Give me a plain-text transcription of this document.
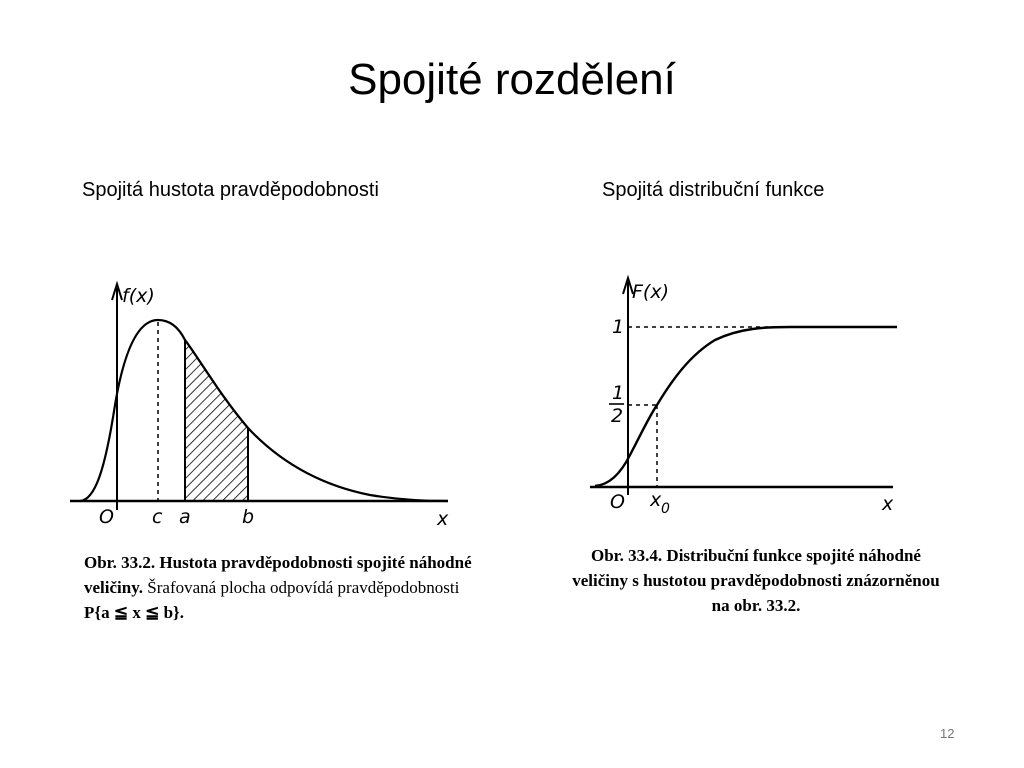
Spojité rozdělení
Spojitá hustota pravděpodobnosti	Spojitá distribuční funkce
f(x)
O c a	b	x
Obr. 33.2. Hustota pravděpodobnosti spojité náhodné veličiny. Šrafovaná plocha odpovídá pravděpodobnosti P{a ≦ x ≦ b}.
F(x)
1
1
2
O x 0	x
Obr. 33.4. Distribuční funkce spojité náhodné veličiny s hustotou pravděpodobnosti znázorněnou na obr. 33.2.
12
